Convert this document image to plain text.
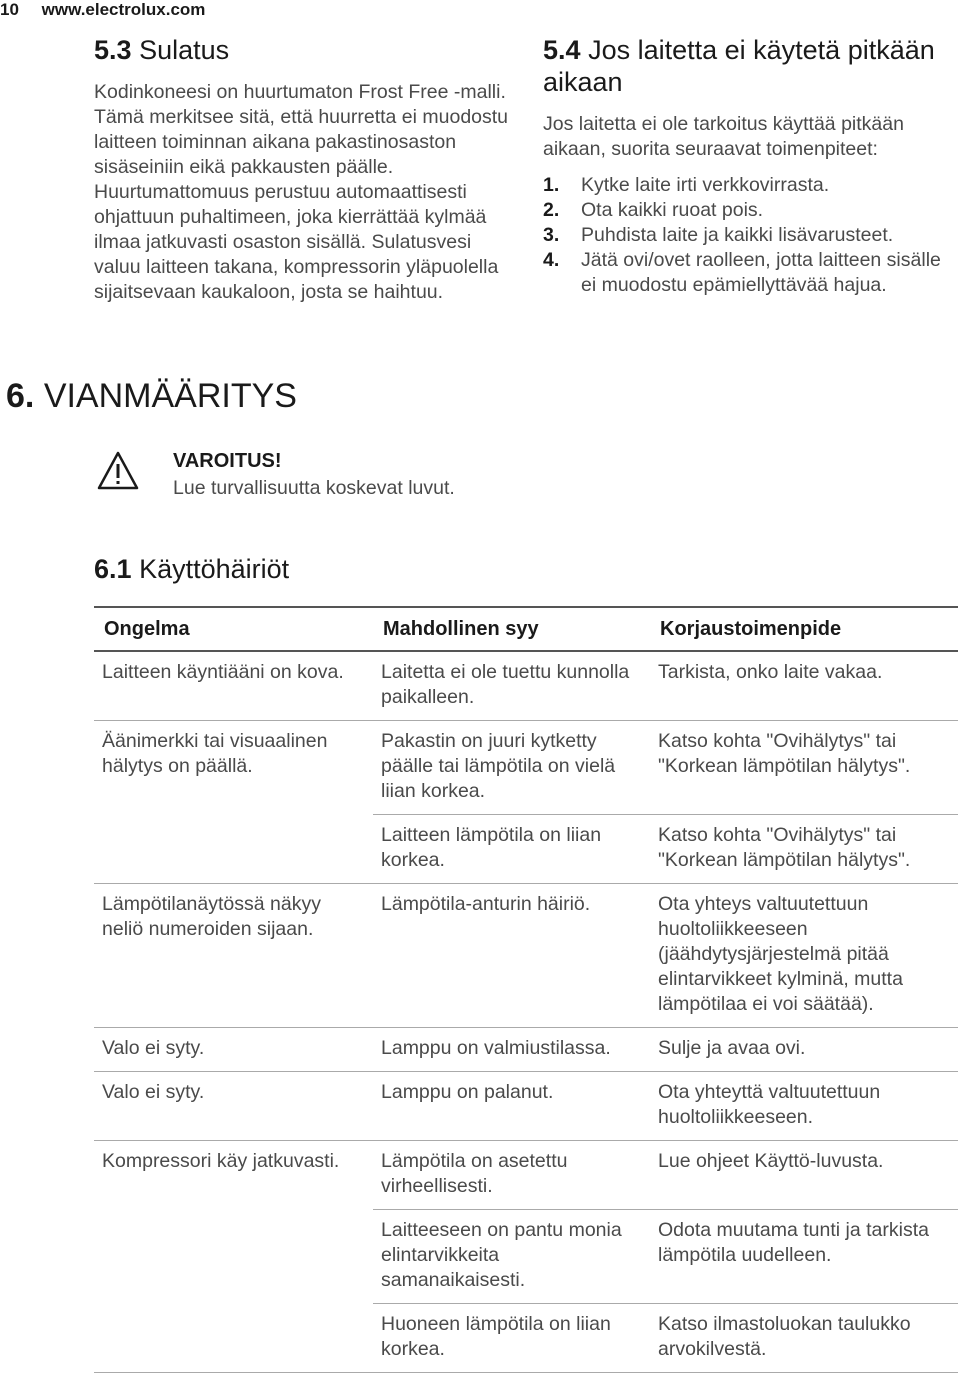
10 www.electrolux.com
5.3 Sulatus
Kodinkoneesi on huurtumaton Frost Free -malli. Tämä merkitsee sitä, että huurretta ei muodostu laitteen toiminnan aikana pakastinosaston sisäseiniin eikä pakkausten päälle. Huurtumattomuus perustuu automaattisesti ohjattuun puhaltimeen, joka kierrättää kylmää ilmaa jatkuvasti osaston sisällä. Sulatusvesi valuu laitteen takana, kompressorin yläpuolella sijaitsevaan kaukaloon, josta se haihtuu.
5.4 Jos laitetta ei käytetä pitkään aikaan
Jos laitetta ei ole tarkoitus käyttää pitkään aikaan, suorita seuraavat toimenpiteet:
1. Kytke laite irti verkkovirrasta.
2. Ota kaikki ruoat pois.
3. Puhdista laite ja kaikki lisävarusteet.
4. Jätä ovi/ovet raolleen, jotta laitteen sisälle ei muodostu epämiellyttävää hajua.
6. VIANMÄÄRITYS
VAROITUS!
Lue turvallisuutta koskevat luvut.
6.1 Käyttöhäiriöt
Ongelma	Mahdollinen syy	Korjaustoimenpide
Laitteen käyntiääni on kova.	Laitetta ei ole tuettu kunnolla paikalleen.	Tarkista, onko laite vakaa.
Äänimerkki tai visuaalinen hälytys on päällä.	Pakastin on juuri kytketty päälle tai lämpötila on vielä liian korkea.	Katso kohta "Ovihälytys" tai "Korkean lämpötilan hälytys".
	Laitteen lämpötila on liian korkea.	Katso kohta "Ovihälytys" tai "Korkean lämpötilan hälytys".
Lämpötilanäytössä näkyy neliö numeroiden sijaan.	Lämpötila-anturin häiriö.	Ota yhteys valtuutettuun huoltoliikkeeseen (jäähdytysjärjestelmä pitää elintarvikkeet kylminä, mutta lämpötilaa ei voi säätää).
Valo ei syty.	Lamppu on valmiustilassa.	Sulje ja avaa ovi.
Valo ei syty.	Lamppu on palanut.	Ota yhteyttä valtuutettuun huoltoliikkeeseen.
Kompressori käy jatkuvasti.	Lämpötila on asetettu virheellisesti.	Lue ohjeet Käyttö-luvusta.
	Laitteeseen on pantu monia elintarvikkeita samanaikaisesti.	Odota muutama tunti ja tarkista lämpötila uudelleen.
	Huoneen lämpötila on liian korkea.	Katso ilmastoluokan taulukko arvokilvestä.
